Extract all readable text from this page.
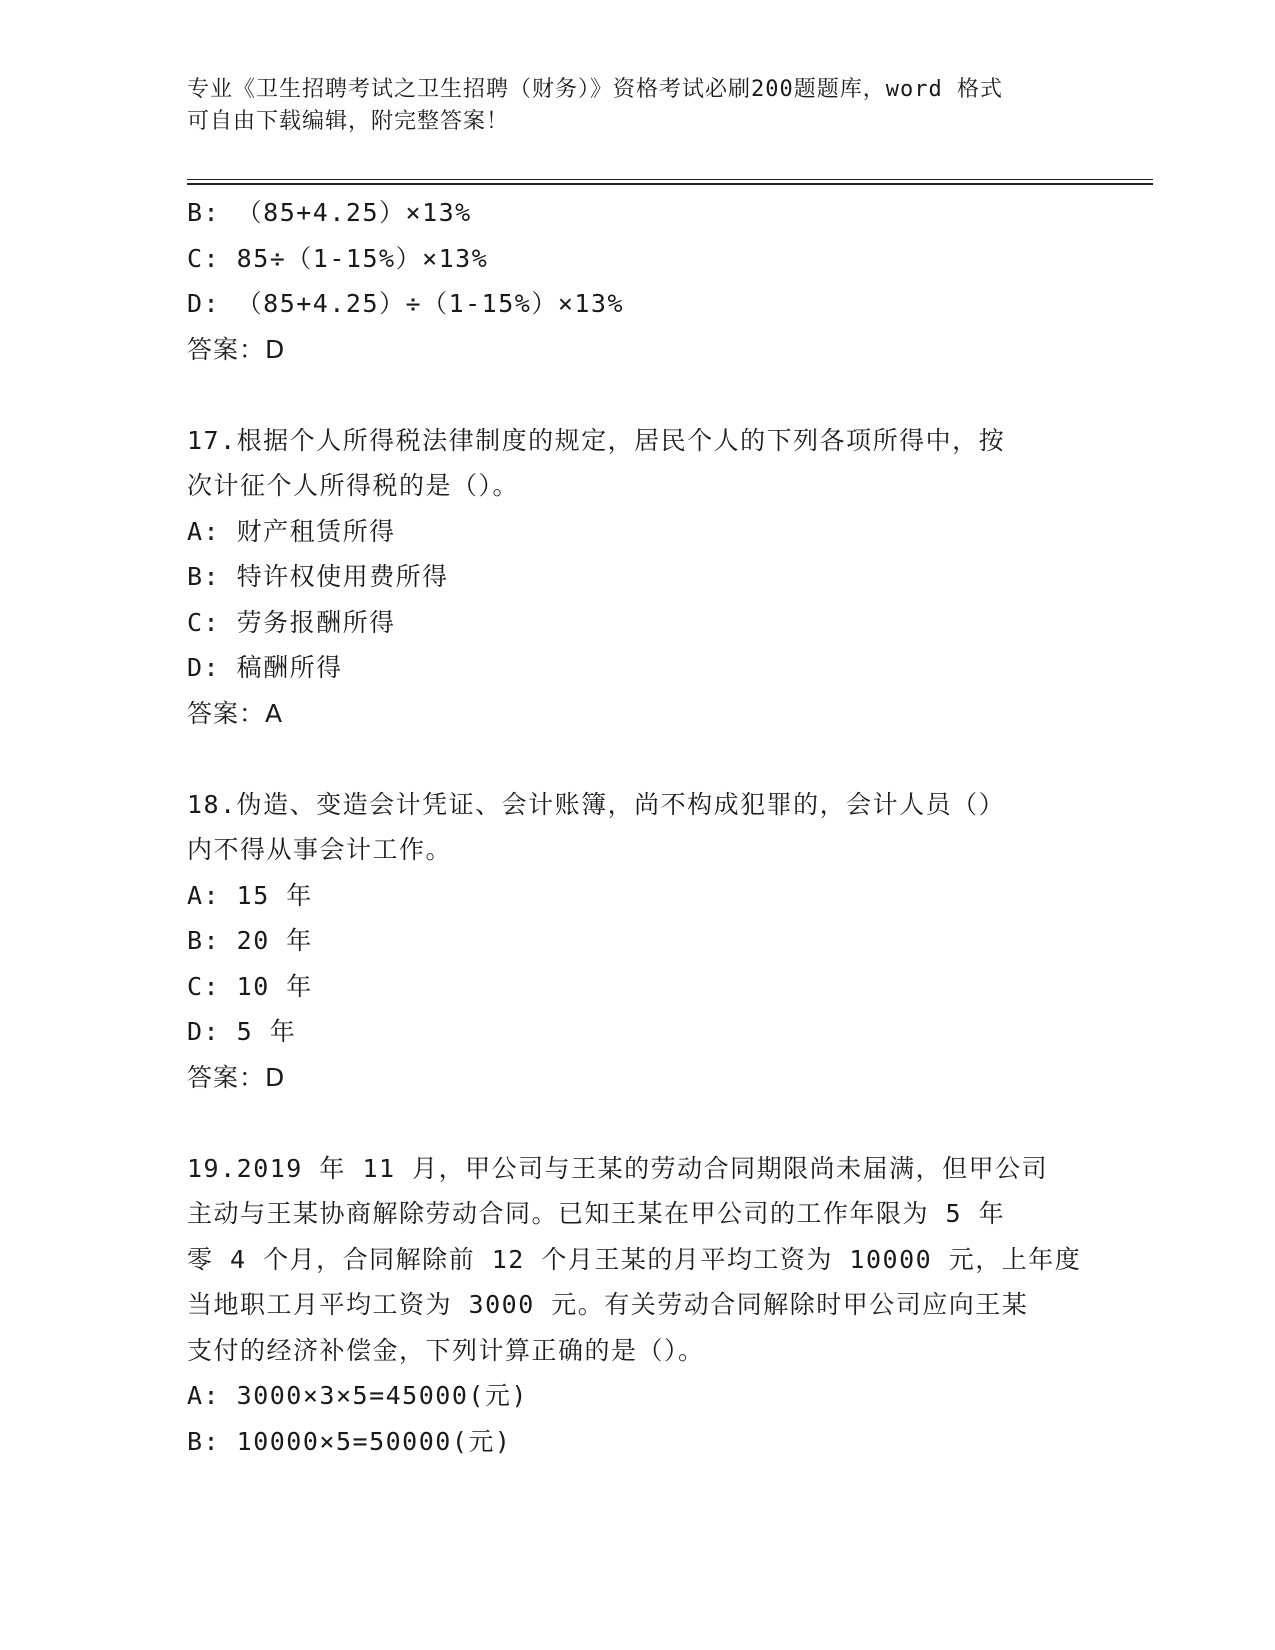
专业《卫生招聘考试之卫生招聘（财务）》资格考试必刷200题题库，word 格式
可自由下载编辑，附完整答案！
B: （85+4.25）×13%
C: 85÷（1-15%）×13%
D: （85+4.25）÷（1-15%）×13%
答案：D
17.根据个人所得税法律制度的规定，居民个人的下列各项所得中，按
次计征个人所得税的是（）。
A: 财产租赁所得
B: 特许权使用费所得
C: 劳务报酬所得
D: 稿酬所得
答案：A
18.伪造、变造会计凭证、会计账簿，尚不构成犯罪的，会计人员（）
内不得从事会计工作。
A: 15 年
B: 20 年
C: 10 年
D: 5 年
答案：D
19.2019 年 11 月，甲公司与王某的劳动合同期限尚未届满，但甲公司
主动与王某协商解除劳动合同。已知王某在甲公司的工作年限为 5 年
零 4 个月，合同解除前 12 个月王某的月平均工资为 10000 元，上年度
当地职工月平均工资为 3000 元。有关劳动合同解除时甲公司应向王某
支付的经济补偿金，下列计算正确的是（）。
A: 3000×3×5=45000(元)
B: 10000×5=50000(元)
